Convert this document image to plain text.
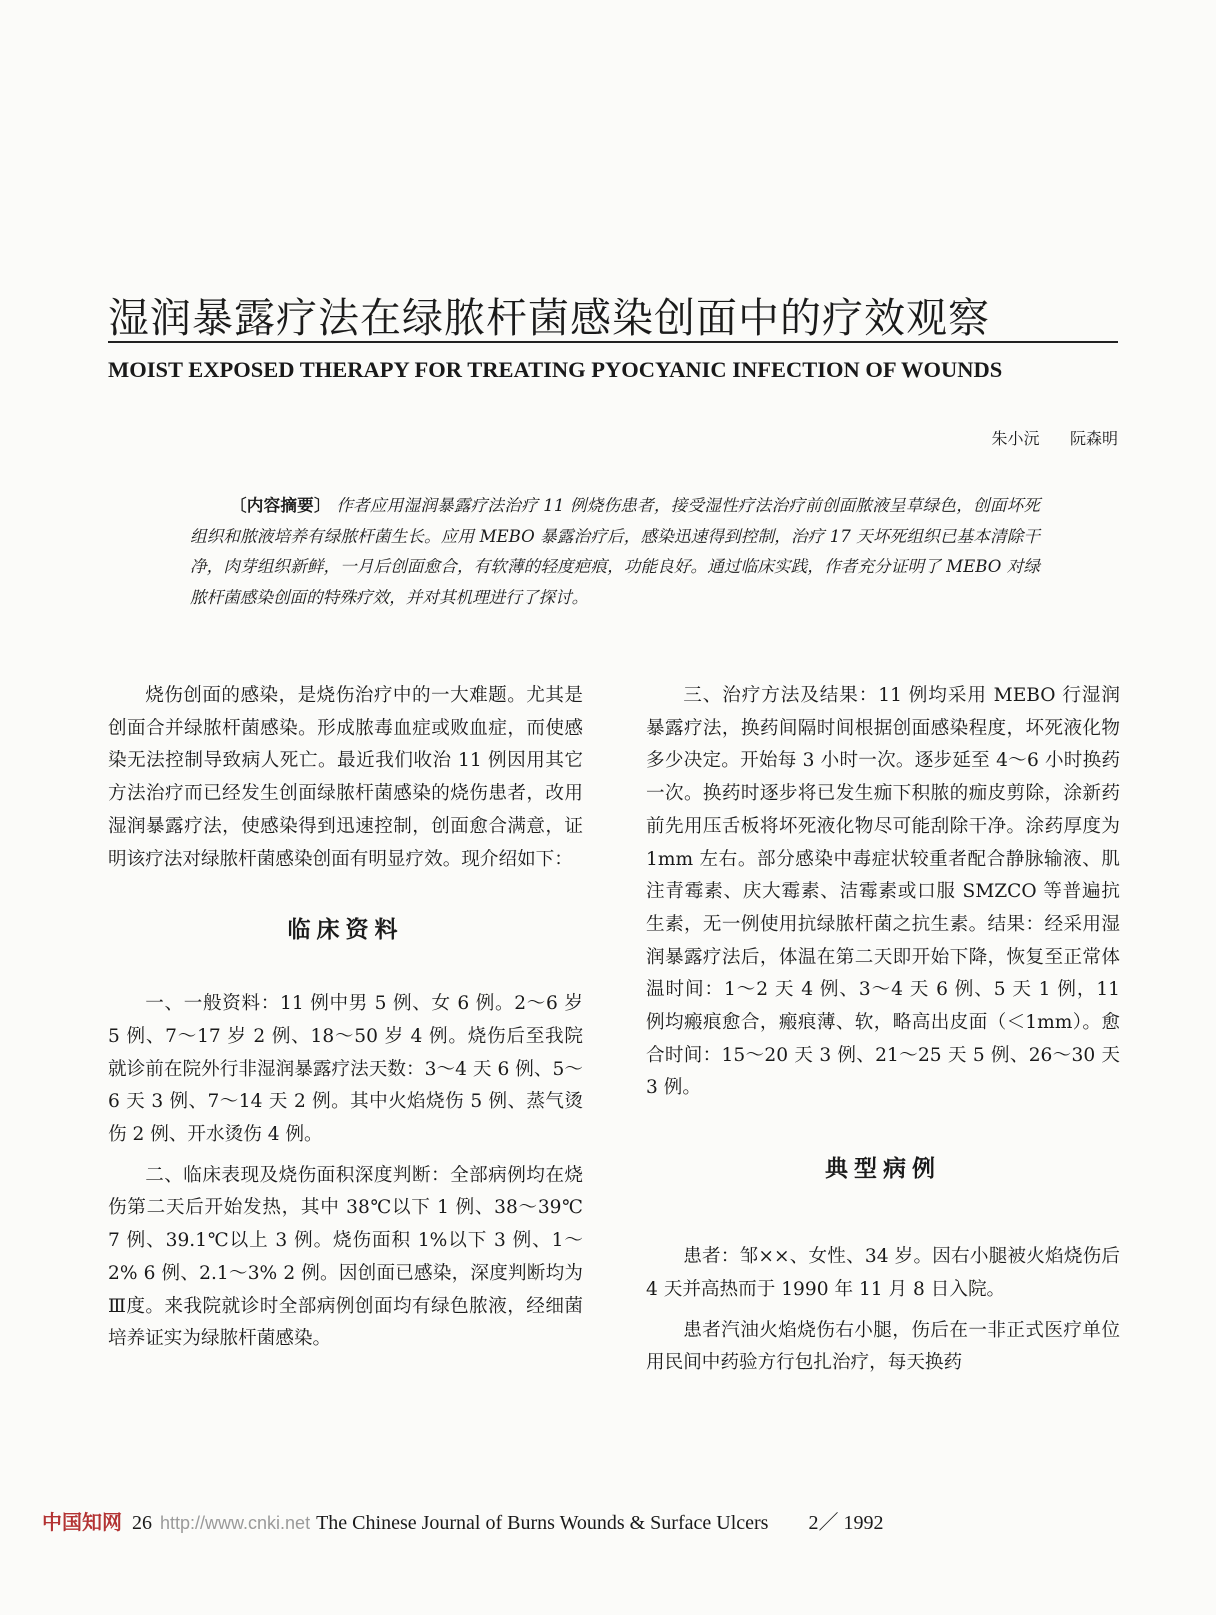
湿润暴露疗法在绿脓杆菌感染创面中的疗效观察
MOIST EXPOSED THERAPY FOR TREATING PYOCYANIC INFECTION OF WOUNDS
朱小沅      阮森明
〔内容摘要〕 作者应用湿润暴露疗法治疗 11 例烧伤患者，接受湿性疗法治疗前创面脓液呈草绿色，创面坏死组织和脓液培养有绿脓杆菌生长。应用 MEBO 暴露治疗后，感染迅速得到控制，治疗 17 天坏死组织已基本清除干净，肉芽组织新鲜，一月后创面愈合，有软薄的轻度疤痕，功能良好。通过临床实践，作者充分证明了 MEBO 对绿脓杆菌感染创面的特殊疗效，并对其机理进行了探讨。

烧伤创面的感染，是烧伤治疗中的一大难题。尤其是创面合并绿脓杆菌感染。形成脓毒血症或败血症，而使感染无法控制导致病人死亡。最近我们收治 11 例因用其它方法治疗而已经发生创面绿脓杆菌感染的烧伤患者，改用湿润暴露疗法，使感染得到迅速控制，创面愈合满意，证明该疗法对绿脓杆菌感染创面有明显疗效。现介绍如下：

临床资料

一、一般资料：11 例中男 5 例、女 6 例。2～6 岁 5 例、7～17 岁 2 例、18～50 岁 4 例。烧伤后至我院就诊前在院外行非湿润暴露疗法天数：3～4 天 6 例、5～6 天 3 例、7～14 天 2 例。其中火焰烧伤 5 例、蒸气烫伤 2 例、开水烫伤 4 例。

二、临床表现及烧伤面积深度判断：全部病例均在烧伤第二天后开始发热，其中 38℃以下 1 例、38～39℃ 7 例、39.1℃以上 3 例。烧伤面积 1%以下 3 例、1～2% 6 例、2.1～3% 2 例。因创面已感染，深度判断均为Ⅲ度。来我院就诊时全部病例创面均有绿色脓液，经细菌培养证实为绿脓杆菌感染。

三、治疗方法及结果：11 例均采用 MEBO 行湿润暴露疗法，换药间隔时间根据创面感染程度，坏死液化物多少决定。开始每 3 小时一次。逐步延至 4～6 小时换药一次。换药时逐步将已发生痂下积脓的痂皮剪除，涂新药前先用压舌板将坏死液化物尽可能刮除干净。涂药厚度为 1mm 左右。部分感染中毒症状较重者配合静脉输液、肌注青霉素、庆大霉素、洁霉素或口服 SMZCO 等普遍抗生素，无一例使用抗绿脓杆菌之抗生素。结果：经采用湿润暴露疗法后，体温在第二天即开始下降，恢复至正常体温时间：1～2 天 4 例、3～4 天 6 例、5 天 1 例，11 例均瘢痕愈合，瘢痕薄、软，略高出皮面（＜1mm）。愈合时间：15～20 天 3 例、21～25 天 5 例、26～30 天 3 例。

典型病例

患者：邹××、女性、34 岁。因右小腿被火焰烧伤后 4 天并高热而于 1990 年 11 月 8 日入院。

患者汽油火焰烧伤右小腿，伤后在一非正式医疗单位用民间中药验方行包扎治疗，每天换药

中国知网 26 http://www.cnki.net The Chinese Journal of Burns Wounds & Surface Ulcers 2／ 1992
